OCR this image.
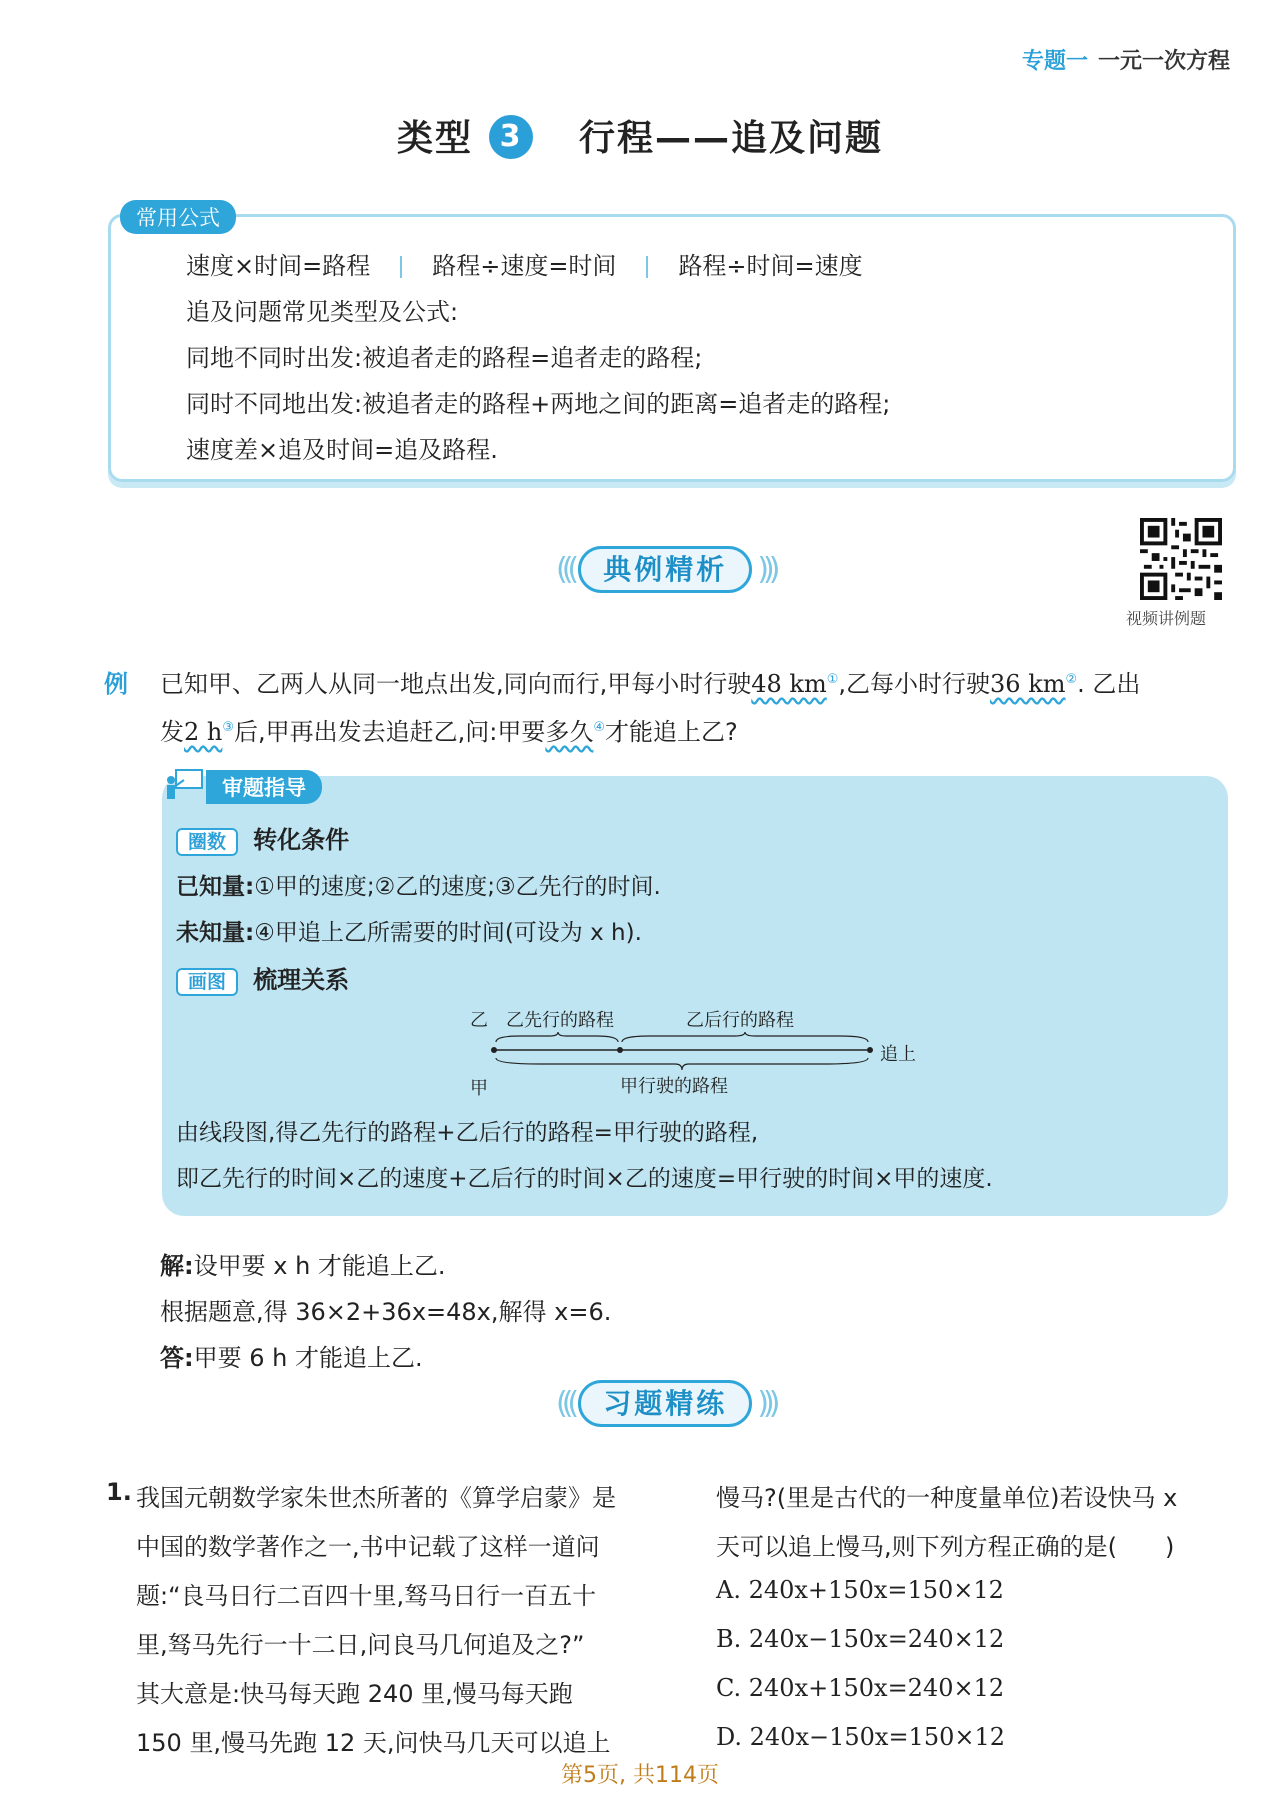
专题一 一元一次方程
类型 3 行程——追及问题
常用公式
速度×时间=路程	路程÷速度=时间	路程÷时间=速度
追及问题常见类型及公式:
同地不同时出发:被追者走的路程=追者走的路程;
同时不同地出发:被追者走的路程+两地之间的距离=追者走的路程;
速度差×追及时间=追及路程.
视频讲例题
((( 典例精析 )))
例 已知甲、乙两人从同一地点出发,同向而行,甲每小时行驶48 km①,乙每小时行驶36 km②. 乙出
发2 h③后,甲再出发去追赶乙,问:甲要多久④才能追上乙?
审题指导
圈数 转化条件
已知量:①甲的速度;②乙的速度;③乙先行的时间.
未知量:④甲追上乙所需要的时间(可设为 x h).
画图 梳理关系
乙 乙先行的路程	乙后行的路程
追上
甲	甲行驶的路程
由线段图,得乙先行的路程+乙后行的路程=甲行驶的路程,
即乙先行的时间×乙的速度+乙后行的时间×乙的速度=甲行驶的时间×甲的速度.
解:设甲要 x h 才能追上乙.
根据题意,得 36×2+36x=48x,解得 x=6.
答:甲要 6 h 才能追上乙.
((( 习题精练 )))
1. 我国元朝数学家朱世杰所著的《算学启蒙》是
中国的数学著作之一,书中记载了这样一道问
题:“良马日行二百四十里,驽马日行一百五十
里,驽马先行一十二日,问良马几何追及之?”
其大意是:快马每天跑 240 里,慢马每天跑
150 里,慢马先跑 12 天,问快马几天可以追上
慢马?(里是古代的一种度量单位)若设快马 x
天可以追上慢马,则下列方程正确的是(　　)
A. 240x+150x=150×12
B. 240x−150x=240×12
C. 240x+150x=240×12
D. 240x−150x=150×12
第5页, 共114页
